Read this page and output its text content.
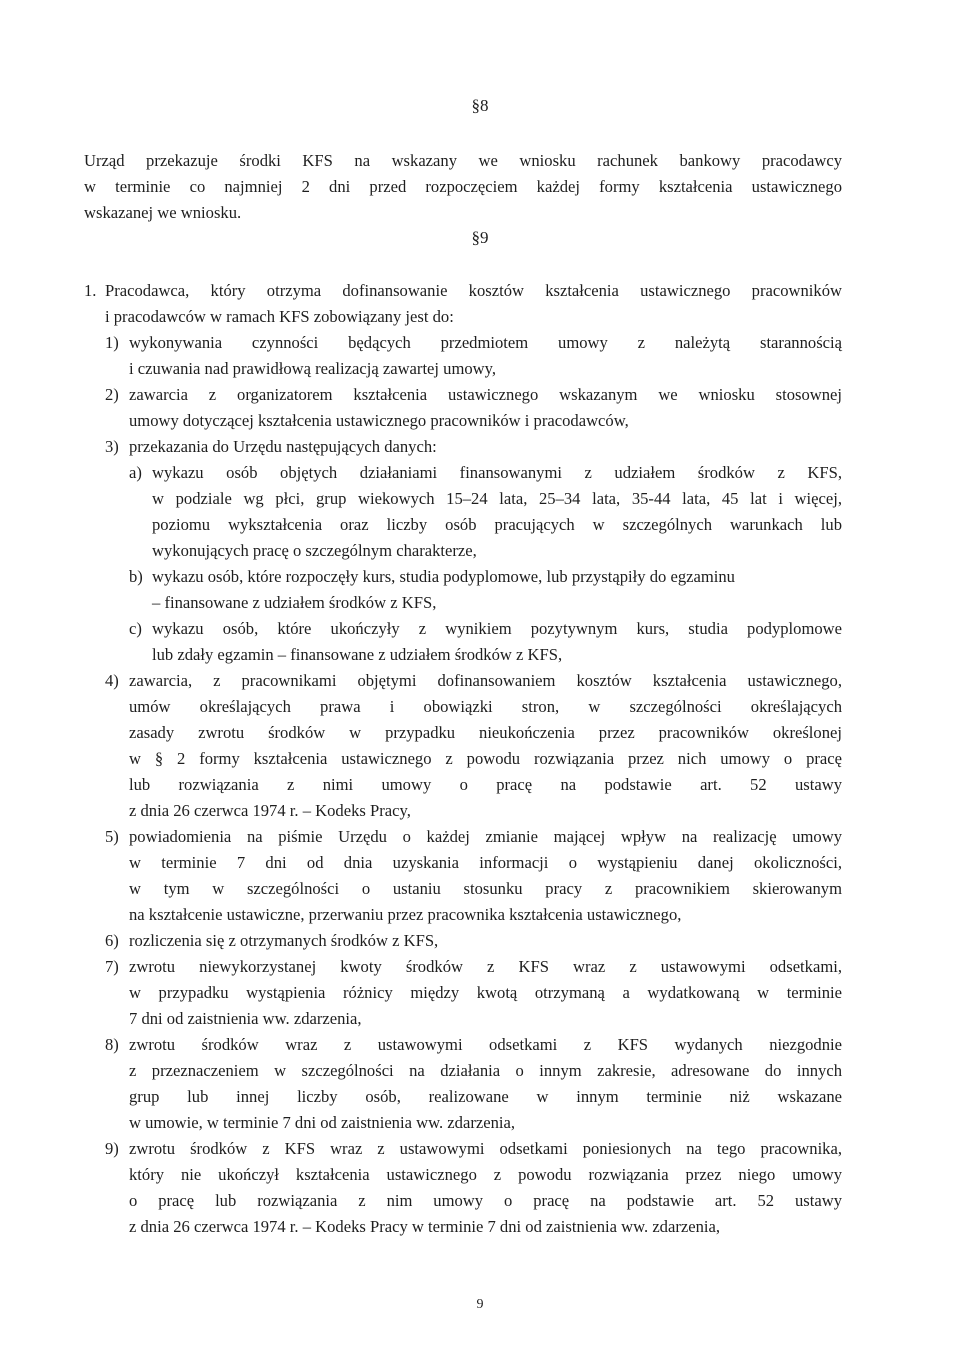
§8
Urząd przekazuje środki KFS na wskazany we wniosku rachunek bankowy pracodawcy
w terminie co najmniej 2 dni przed rozpoczęciem każdej formy kształcenia ustawicznego
wskazanej we wniosku.
§9
1. Pracodawca, który otrzyma dofinansowanie kosztów kształcenia ustawicznego pracowników
i pracodawców w ramach KFS zobowiązany jest do:
1) wykonywania czynności będących przedmiotem umowy z należytą starannością
i czuwania nad prawidłową realizacją zawartej umowy,
2) zawarcia z organizatorem kształcenia ustawicznego wskazanym we wniosku stosownej
umowy dotyczącej kształcenia ustawicznego pracowników i pracodawców,
3) przekazania do Urzędu następujących danych:
a) wykazu osób objętych działaniami finansowanymi z udziałem środków z KFS,
w podziale wg płci, grup wiekowych 15–24 lata, 25–34 lata, 35-44 lata, 45 lat i więcej,
poziomu wykształcenia oraz liczby osób pracujących w szczególnych warunkach lub
wykonujących pracę o szczególnym charakterze,
b) wykazu osób, które rozpoczęły kurs, studia podyplomowe, lub przystąpiły do egzaminu
– finansowane z udziałem środków z KFS,
c) wykazu osób, które ukończyły z wynikiem pozytywnym kurs, studia podyplomowe
lub zdały egzamin – finansowane z udziałem środków z KFS,
4) zawarcia, z pracownikami objętymi dofinansowaniem kosztów kształcenia ustawicznego,
umów określających prawa i obowiązki stron, w szczególności określających
zasady zwrotu środków w przypadku nieukończenia przez pracowników określonej
w § 2 formy kształcenia ustawicznego z powodu rozwiązania przez nich umowy o pracę
lub rozwiązania z nimi umowy o pracę na podstawie art. 52 ustawy
z dnia 26 czerwca 1974 r. – Kodeks Pracy,
5) powiadomienia na piśmie Urzędu o każdej zmianie mającej wpływ na realizację umowy
w terminie 7 dni od dnia uzyskania informacji o wystąpieniu danej okoliczności,
w tym w szczególności o ustaniu stosunku pracy z pracownikiem skierowanym
na kształcenie ustawiczne, przerwaniu przez pracownika kształcenia ustawicznego,
6) rozliczenia się z otrzymanych środków z KFS,
7) zwrotu niewykorzystanej kwoty środków z KFS wraz z ustawowymi odsetkami,
w przypadku wystąpienia różnicy między kwotą otrzymaną a wydatkowaną w terminie
7 dni od zaistnienia ww. zdarzenia,
8) zwrotu środków wraz z ustawowymi odsetkami z KFS wydanych niezgodnie
z przeznaczeniem w szczególności na działania o innym zakresie, adresowane do innych
grup lub innej liczby osób, realizowane w innym terminie niż wskazane
w umowie, w terminie 7 dni od zaistnienia ww. zdarzenia,
9) zwrotu środków z KFS wraz z ustawowymi odsetkami poniesionych na tego pracownika,
który nie ukończył kształcenia ustawicznego z powodu rozwiązania przez niego umowy
o pracę lub rozwiązania z nim umowy o pracę na podstawie art. 52 ustawy
z dnia 26 czerwca 1974 r. – Kodeks Pracy w terminie 7 dni od zaistnienia ww. zdarzenia,
9
